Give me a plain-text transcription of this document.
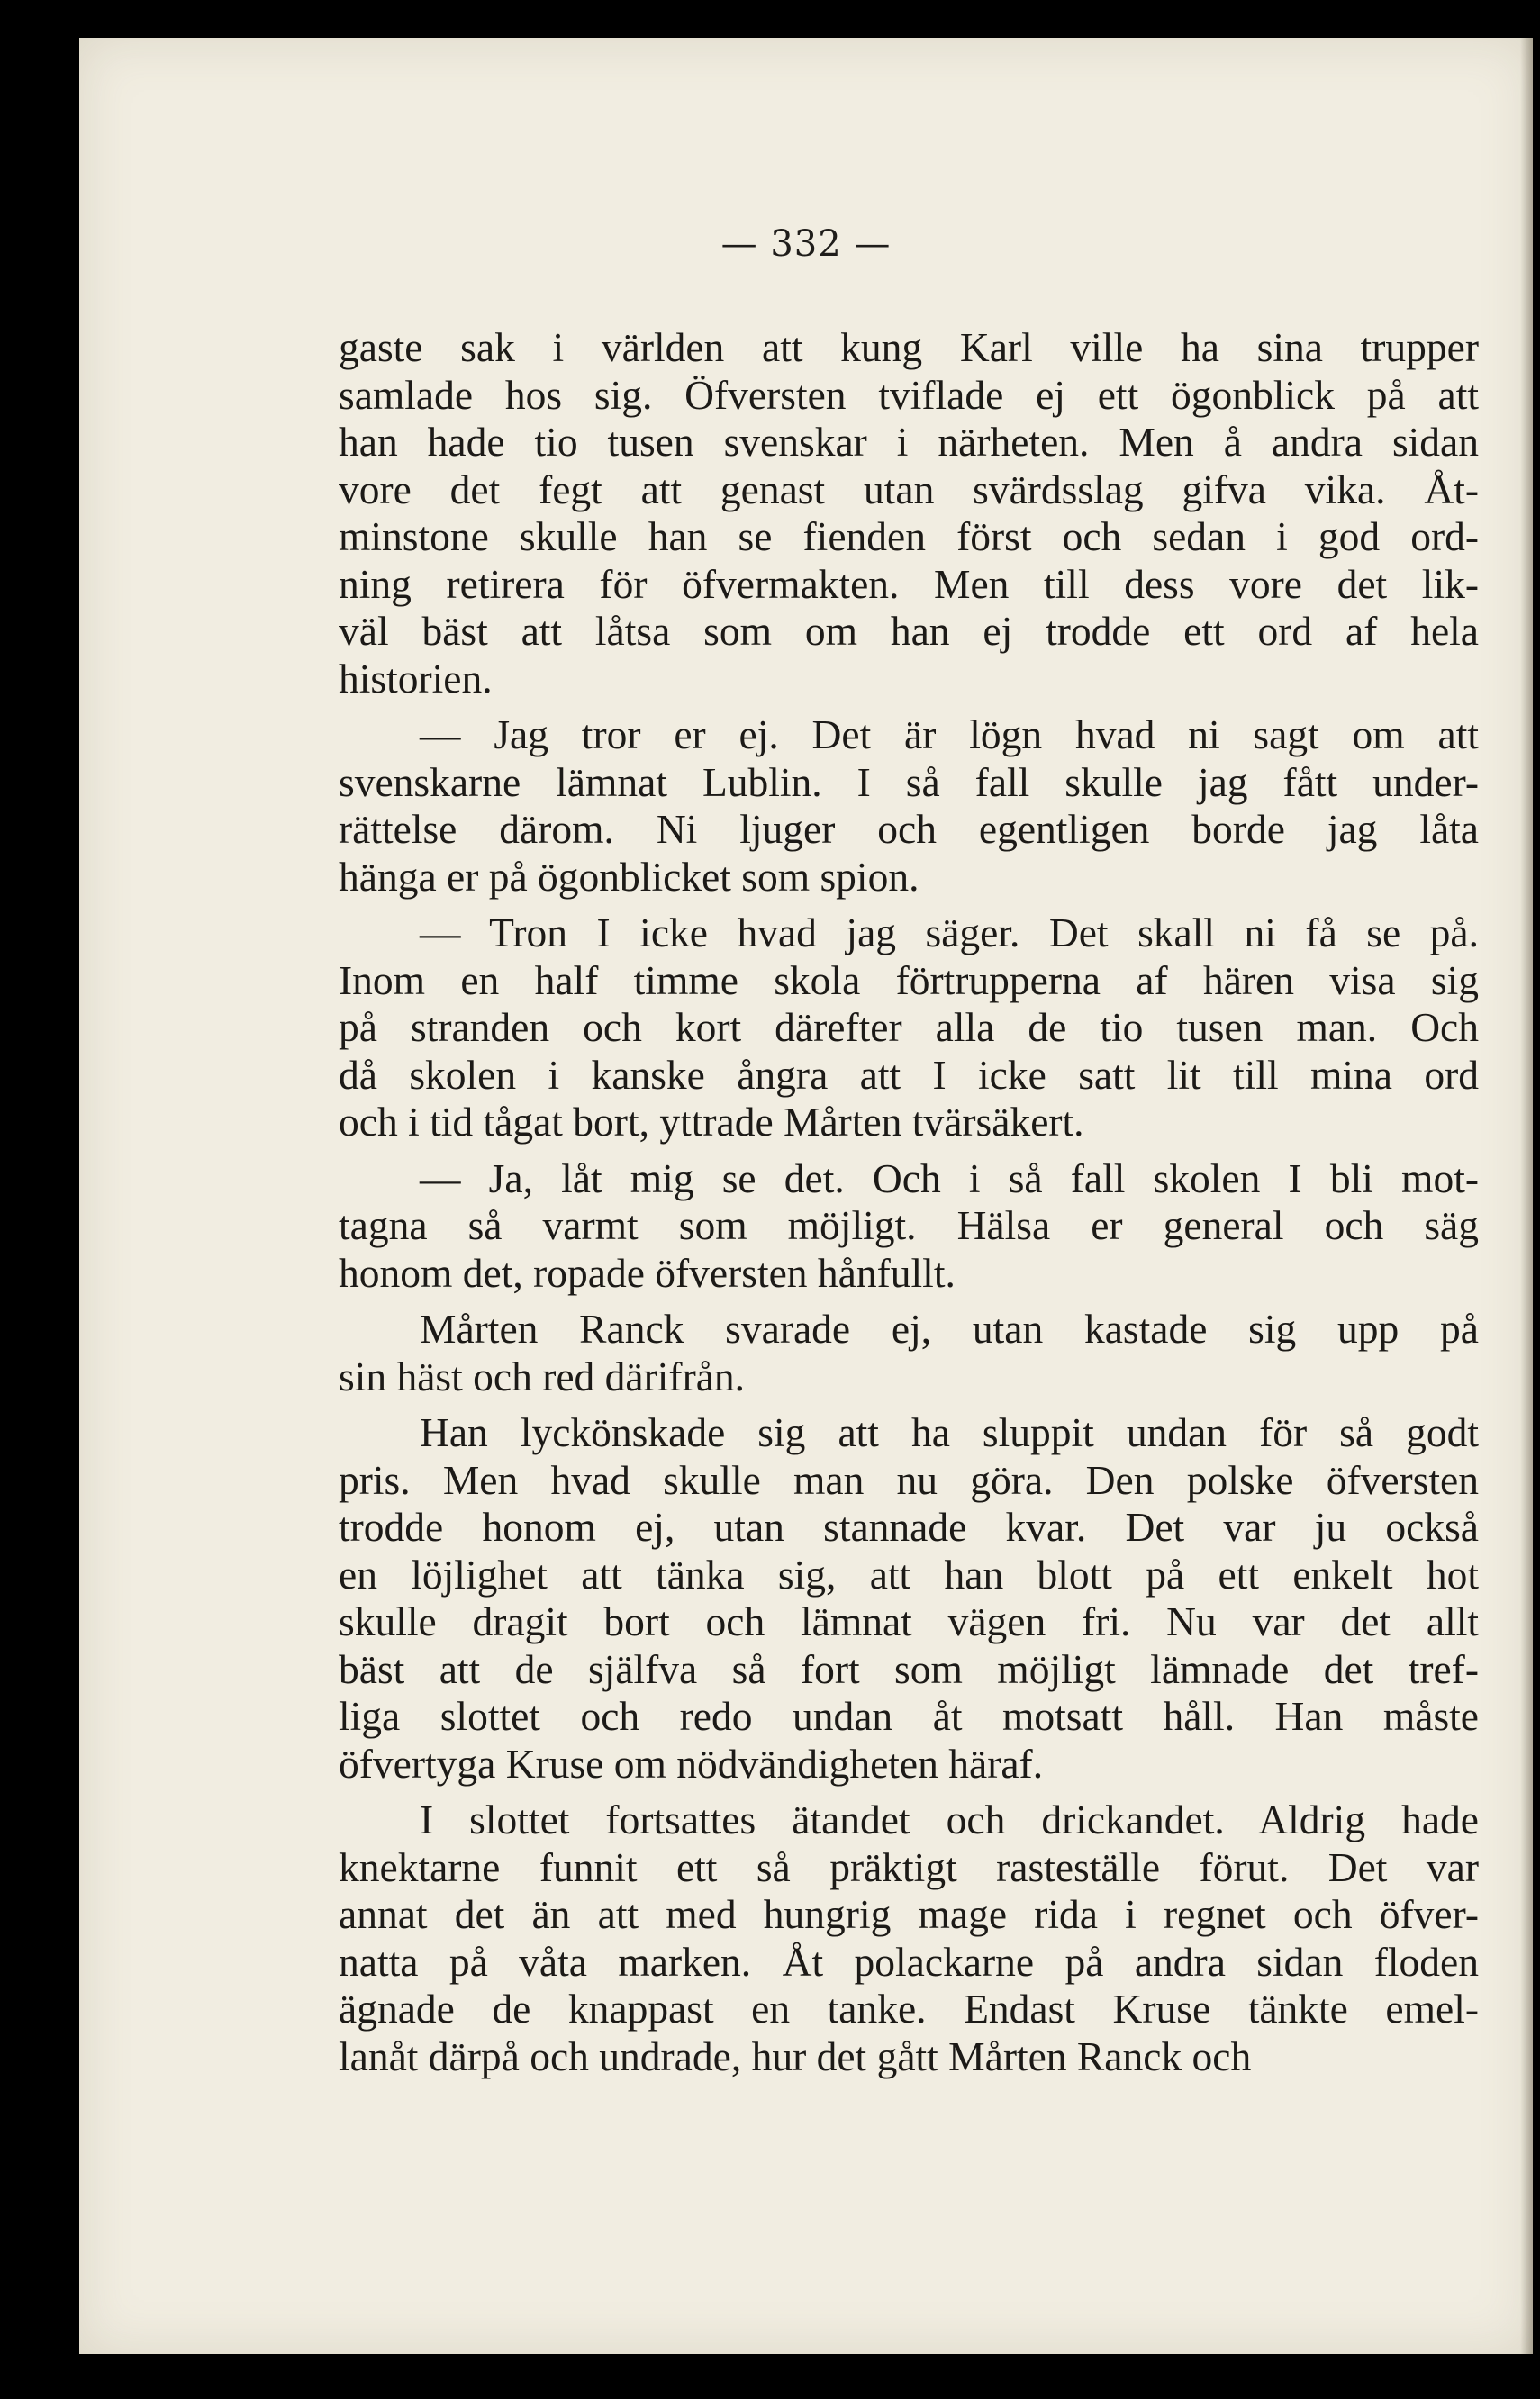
— 332 —

gaste sak i världen att kung Karl ville ha sina trupper
samlade hos sig. Öfversten tviflade ej ett ögonblick på att
han hade tio tusen svenskar i närheten. Men å andra sidan
vore det fegt att genast utan svärdsslag gifva vika. Åt-
minstone skulle han se fienden först och sedan i god ord-
ning retirera för öfvermakten. Men till dess vore det lik-
väl bäst att låtsa som om han ej trodde ett ord af hela
historien.

— Jag tror er ej. Det är lögn hvad ni sagt om att
svenskarne lämnat Lublin. I så fall skulle jag fått under-
rättelse därom. Ni ljuger och egentligen borde jag låta
hänga er på ögonblicket som spion.

— Tron I icke hvad jag säger. Det skall ni få se på.
Inom en half timme skola förtrupperna af hären visa sig
på stranden och kort därefter alla de tio tusen man. Och
då skolen i kanske ångra att I icke satt lit till mina ord
och i tid tågat bort, yttrade Mårten tvärsäkert.

— Ja, låt mig se det. Och i så fall skolen I bli mot-
tagna så varmt som möjligt. Hälsa er general och säg
honom det, ropade öfversten hånfullt.

Mårten Ranck svarade ej, utan kastade sig upp på
sin häst och red därifrån.

Han lyckönskade sig att ha sluppit undan för så godt
pris. Men hvad skulle man nu göra. Den polske öfversten
trodde honom ej, utan stannade kvar. Det var ju också
en löjlighet att tänka sig, att han blott på ett enkelt hot
skulle dragit bort och lämnat vägen fri. Nu var det allt
bäst att de själfva så fort som möjligt lämnade det tref-
liga slottet och redo undan åt motsatt håll. Han måste
öfvertyga Kruse om nödvändigheten häraf.

I slottet fortsattes ätandet och drickandet. Aldrig hade
knektarne funnit ett så präktigt rasteställe förut. Det var
annat det än att med hungrig mage rida i regnet och öfver-
natta på våta marken. Åt polackarne på andra sidan floden
ägnade de knappast en tanke. Endast Kruse tänkte emel-
lanåt därpå och undrade, hur det gått Mårten Ranck och
